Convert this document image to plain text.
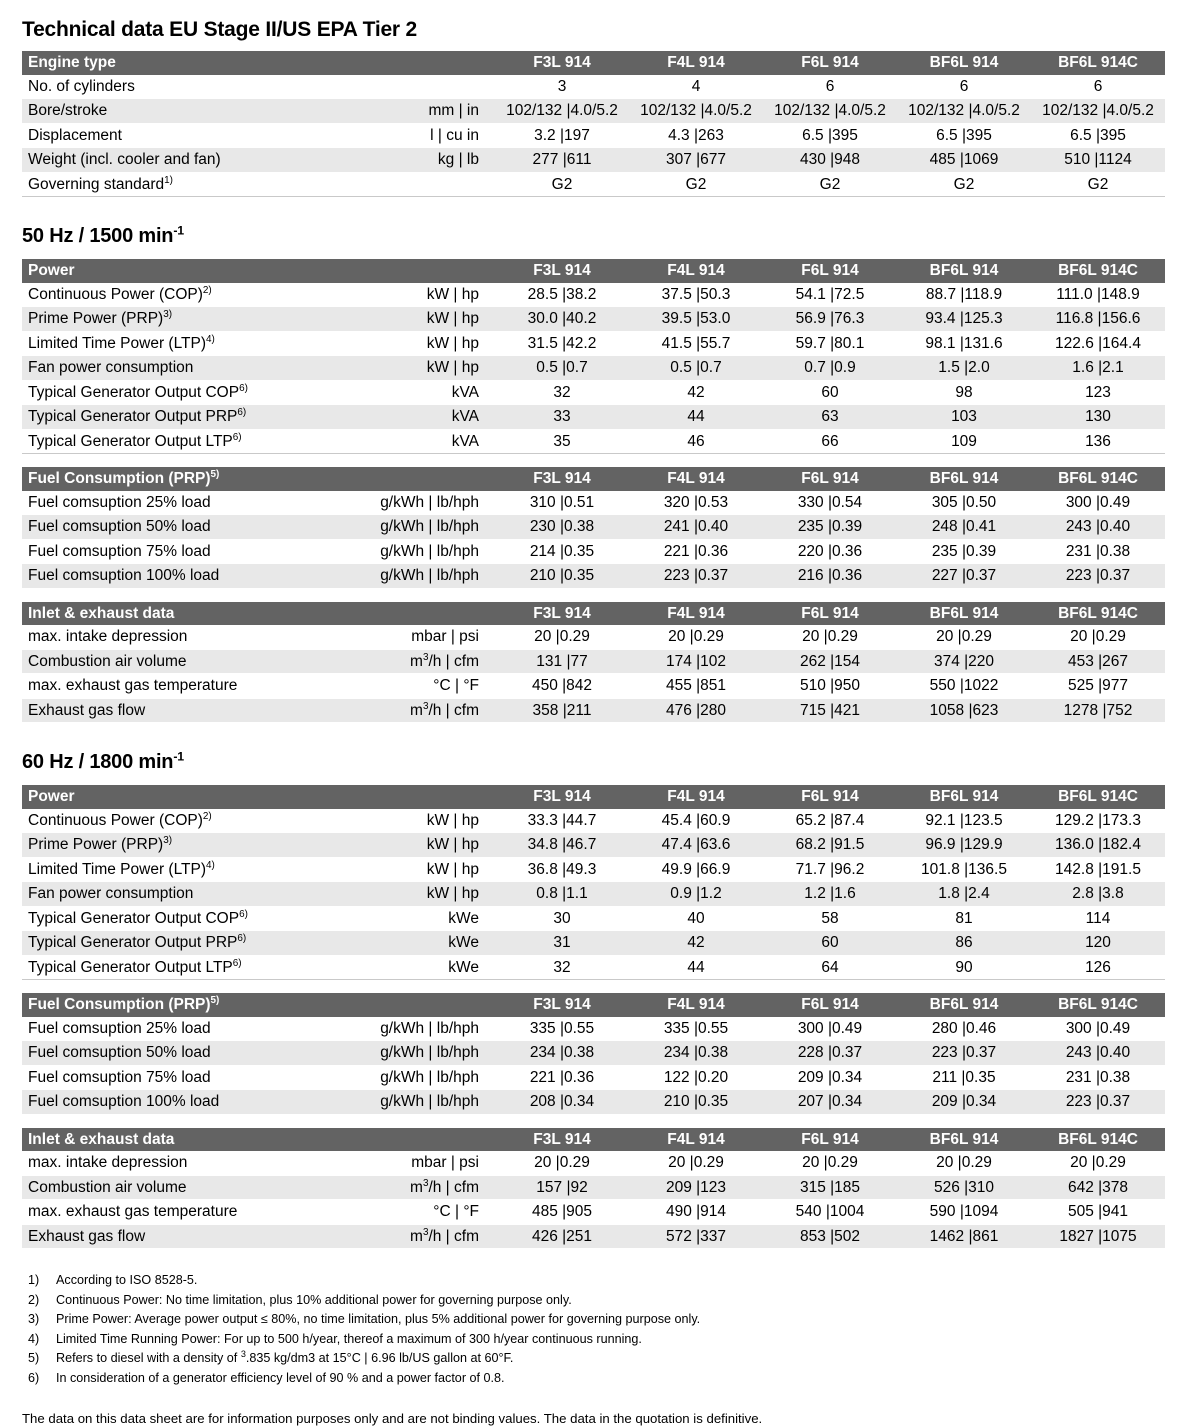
Technical data EU Stage II/US EPA Tier 2
Engine type		F3L 914	F4L 914	F6L 914	BF6L 914	BF6L 914C
No. of cylinders		3	4	6	6	6
Bore/stroke	mm | in	102/132 |4.0/5.2	102/132 |4.0/5.2	102/132 |4.0/5.2	102/132 |4.0/5.2	102/132 |4.0/5.2
Displacement	l | cu in	3.2 |197	4.3 |263	6.5 |395	6.5 |395	6.5 |395
Weight (incl. cooler and fan)	kg | lb	277 |611	307 |677	430 |948	485 |1069	510 |1124
Governing standard$^{1)}$		G2	G2	G2	G2	G2
50 Hz / 1500 $\min^{-1}$
Power		F3L 914	F4L 914	F6L 914	BF6L 914	BF6L 914C
Continuous Power (COP)$^{2)}$	kW | hp	28.5 |38.2	37.5 |50.3	54.1 |72.5	88.7 |118.9	111.0 |148.9
Prime Power (PRP)$^{3)}$	kW | hp	30.0 |40.2	39.5 |53.0	56.9 |76.3	93.4 |125.3	116.8 |156.6
Limited Time Power (LTP)$^{4)}$	kW | hp	31.5 |42.2	41.5 |55.7	59.7 |80.1	98.1 |131.6	122.6 |164.4
Fan power consumption	kW | hp	0.5 |0.7	0.5 |0.7	0.7 |0.9	1.5 |2.0	1.6 |2.1
Typical Generator Output COP$^{6)}$	kVA	32	42	60	98	123
Typical Generator Output PRP$^{6)}$	kVA	33	44	63	103	130
Typical Generator Output LTP$^{6)}$	kVA	35	46	66	109	136
Fuel Consumption (PRP)$^{5)}$		F3L 914	F4L 914	F6L 914	BF6L 914	BF6L 914C
Fuel comsuption 25% load	g/kWh | lb/hph	310 |0.51	320 |0.53	330 |0.54	305 |0.50	300 |0.49
Fuel comsuption 50% load	g/kWh | lb/hph	230 |0.38	241 |0.40	235 |0.39	248 |0.41	243 |0.40
Fuel comsuption 75% load	g/kWh | lb/hph	214 |0.35	221 |0.36	220 |0.36	235 |0.39	231 |0.38
Fuel comsuption 100% load	g/kWh | lb/hph	210 |0.35	223 |0.37	216 |0.36	227 |0.37	223 |0.37
Inlet & exhaust data		F3L 914	F4L 914	F6L 914	BF6L 914	BF6L 914C
max. intake depression	mbar | psi	20 |0.29	20 |0.29	20 |0.29	20 |0.29	20 |0.29
Combustion air volume	$m^3/h$ | cfm	131 |77	174 |102	262 |154	374 |220	453 |267
max. exhaust gas temperature	°C | °F	450 |842	455 |851	510 |950	550 |1022	525 |977
Exhaust gas flow	$m^3/h$ | cfm	358 |211	476 |280	715 |421	1058 |623	1278 |752
60 Hz / 1800 $\min^{-1}$
Power		F3L 914	F4L 914	F6L 914	BF6L 914	BF6L 914C
Continuous Power (COP)$^{2)}$	kW | hp	33.3 |44.7	45.4 |60.9	65.2 |87.4	92.1 |123.5	129.2 |173.3
Prime Power (PRP)$^{3)}$	kW | hp	34.8 |46.7	47.4 |63.6	68.2 |91.5	96.9 |129.9	136.0 |182.4
Limited Time Power (LTP)$^{4)}$	kW | hp	36.8 |49.3	49.9 |66.9	71.7 |96.2	101.8 |136.5	142.8 |191.5
Fan power consumption	kW | hp	0.8 |1.1	0.9 |1.2	1.2 |1.6	1.8 |2.4	2.8 |3.8
Typical Generator Output COP$^{6)}$	kWe	30	40	58	81	114
Typical Generator Output PRP$^{6)}$	kWe	31	42	60	86	120
Typical Generator Output LTP$^{6)}$	kWe	32	44	64	90	126
Fuel Consumption (PRP)$^{5)}$		F3L 914	F4L 914	F6L 914	BF6L 914	BF6L 914C
Fuel comsuption 25% load	g/kWh | lb/hph	335 |0.55	335 |0.55	300 |0.49	280 |0.46	300 |0.49
Fuel comsuption 50% load	g/kWh | lb/hph	234 |0.38	234 |0.38	228 |0.37	223 |0.37	243 |0.40
Fuel comsuption 75% load	g/kWh | lb/hph	221 |0.36	122 |0.20	209 |0.34	211 |0.35	231 |0.38
Fuel comsuption 100% load	g/kWh | lb/hph	208 |0.34	210 |0.35	207 |0.34	209 |0.34	223 |0.37
Inlet & exhaust data		F3L 914	F4L 914	F6L 914	BF6L 914	BF6L 914C
max. intake depression	mbar | psi	20 |0.29	20 |0.29	20 |0.29	20 |0.29	20 |0.29
Combustion air volume	$m^3/h$ | cfm	157 |92	209 |123	315 |185	526 |310	642 |378
max. exhaust gas temperature	°C | °F	485 |905	490 |914	540 |1004	590 |1094	505 |941
Exhaust gas flow	$m^3/h$ | cfm	426 |251	572 |337	853 |502	1462 |861	1827 |1075
1)	According to ISO 8528-5.
2)	Continuous Power: No time limitation, plus 10% additional power for governing purpose only.
3)	Prime Power: Average power output ≤ 80%, no time limitation, plus 5% additional power for governing purpose only.
4)	Limited Time Running Power: For up to 500 h/year, thereof a maximum of 300 h/year continuous running.
5)	Refers to diesel with a density of $^3$.835 kg/dm3 at 15°C | 6.96 lb/US gallon at 60°F.
6)	In consideration of a generator efficiency level of 90 % and a power factor of 0.8.
The data on this data sheet are for information purposes only and are not binding values. The data in the quotation is definitive.
